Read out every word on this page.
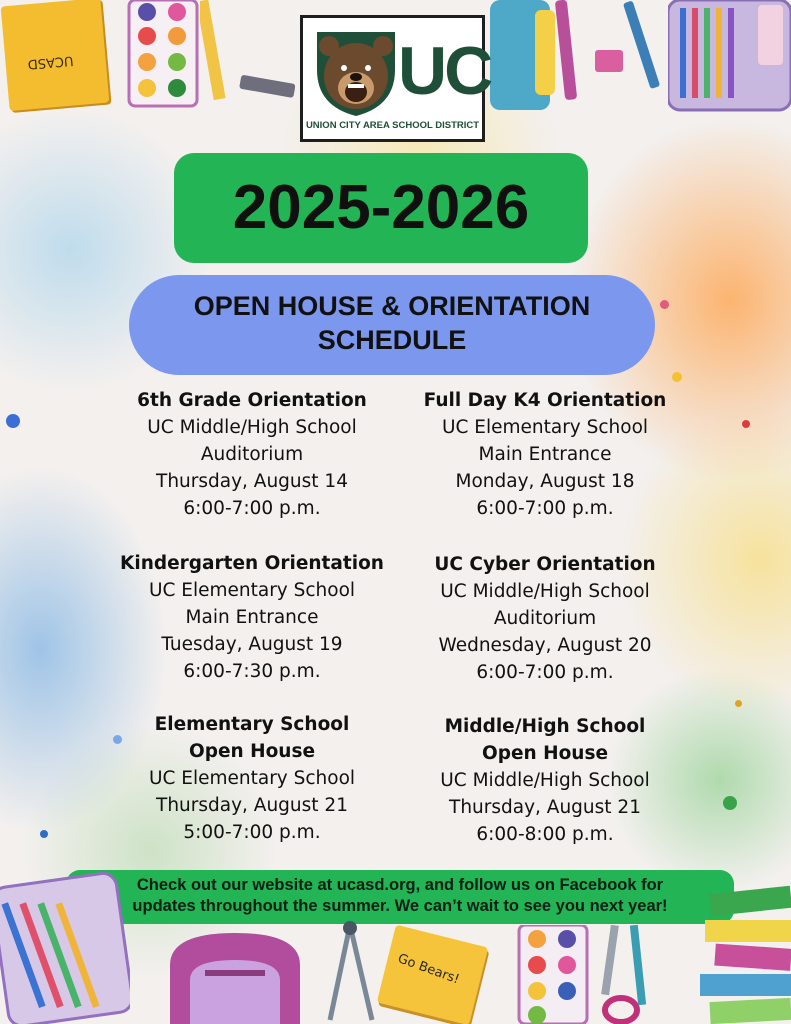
UCASD	UC
UNION CITY AREA SCHOOL DISTRICT
2025-2026
OPEN HOUSE & ORIENTATION
SCHEDULE
6th Grade Orientation
UC Middle/High School
Auditorium
Thursday, August 14
6:00-7:00 p.m.
Full Day K4 Orientation
UC Elementary School
Main Entrance
Monday, August 18
6:00-7:00 p.m.
Kindergarten Orientation
UC Elementary School
Main Entrance
Tuesday, August 19
6:00-7:30 p.m.
UC Cyber Orientation
UC Middle/High School
Auditorium
Wednesday, August 20
6:00-7:00 p.m.
Elementary School
Open House
UC Elementary School
Thursday, August 21
5:00-7:00 p.m.
Middle/High School
Open House
UC Middle/High School
Thursday, August 21
6:00-8:00 p.m.
Check out our website at ucasd.org, and follow us on Facebook for
updates throughout the summer. We can’t wait to see you next year!
Go Bears!
